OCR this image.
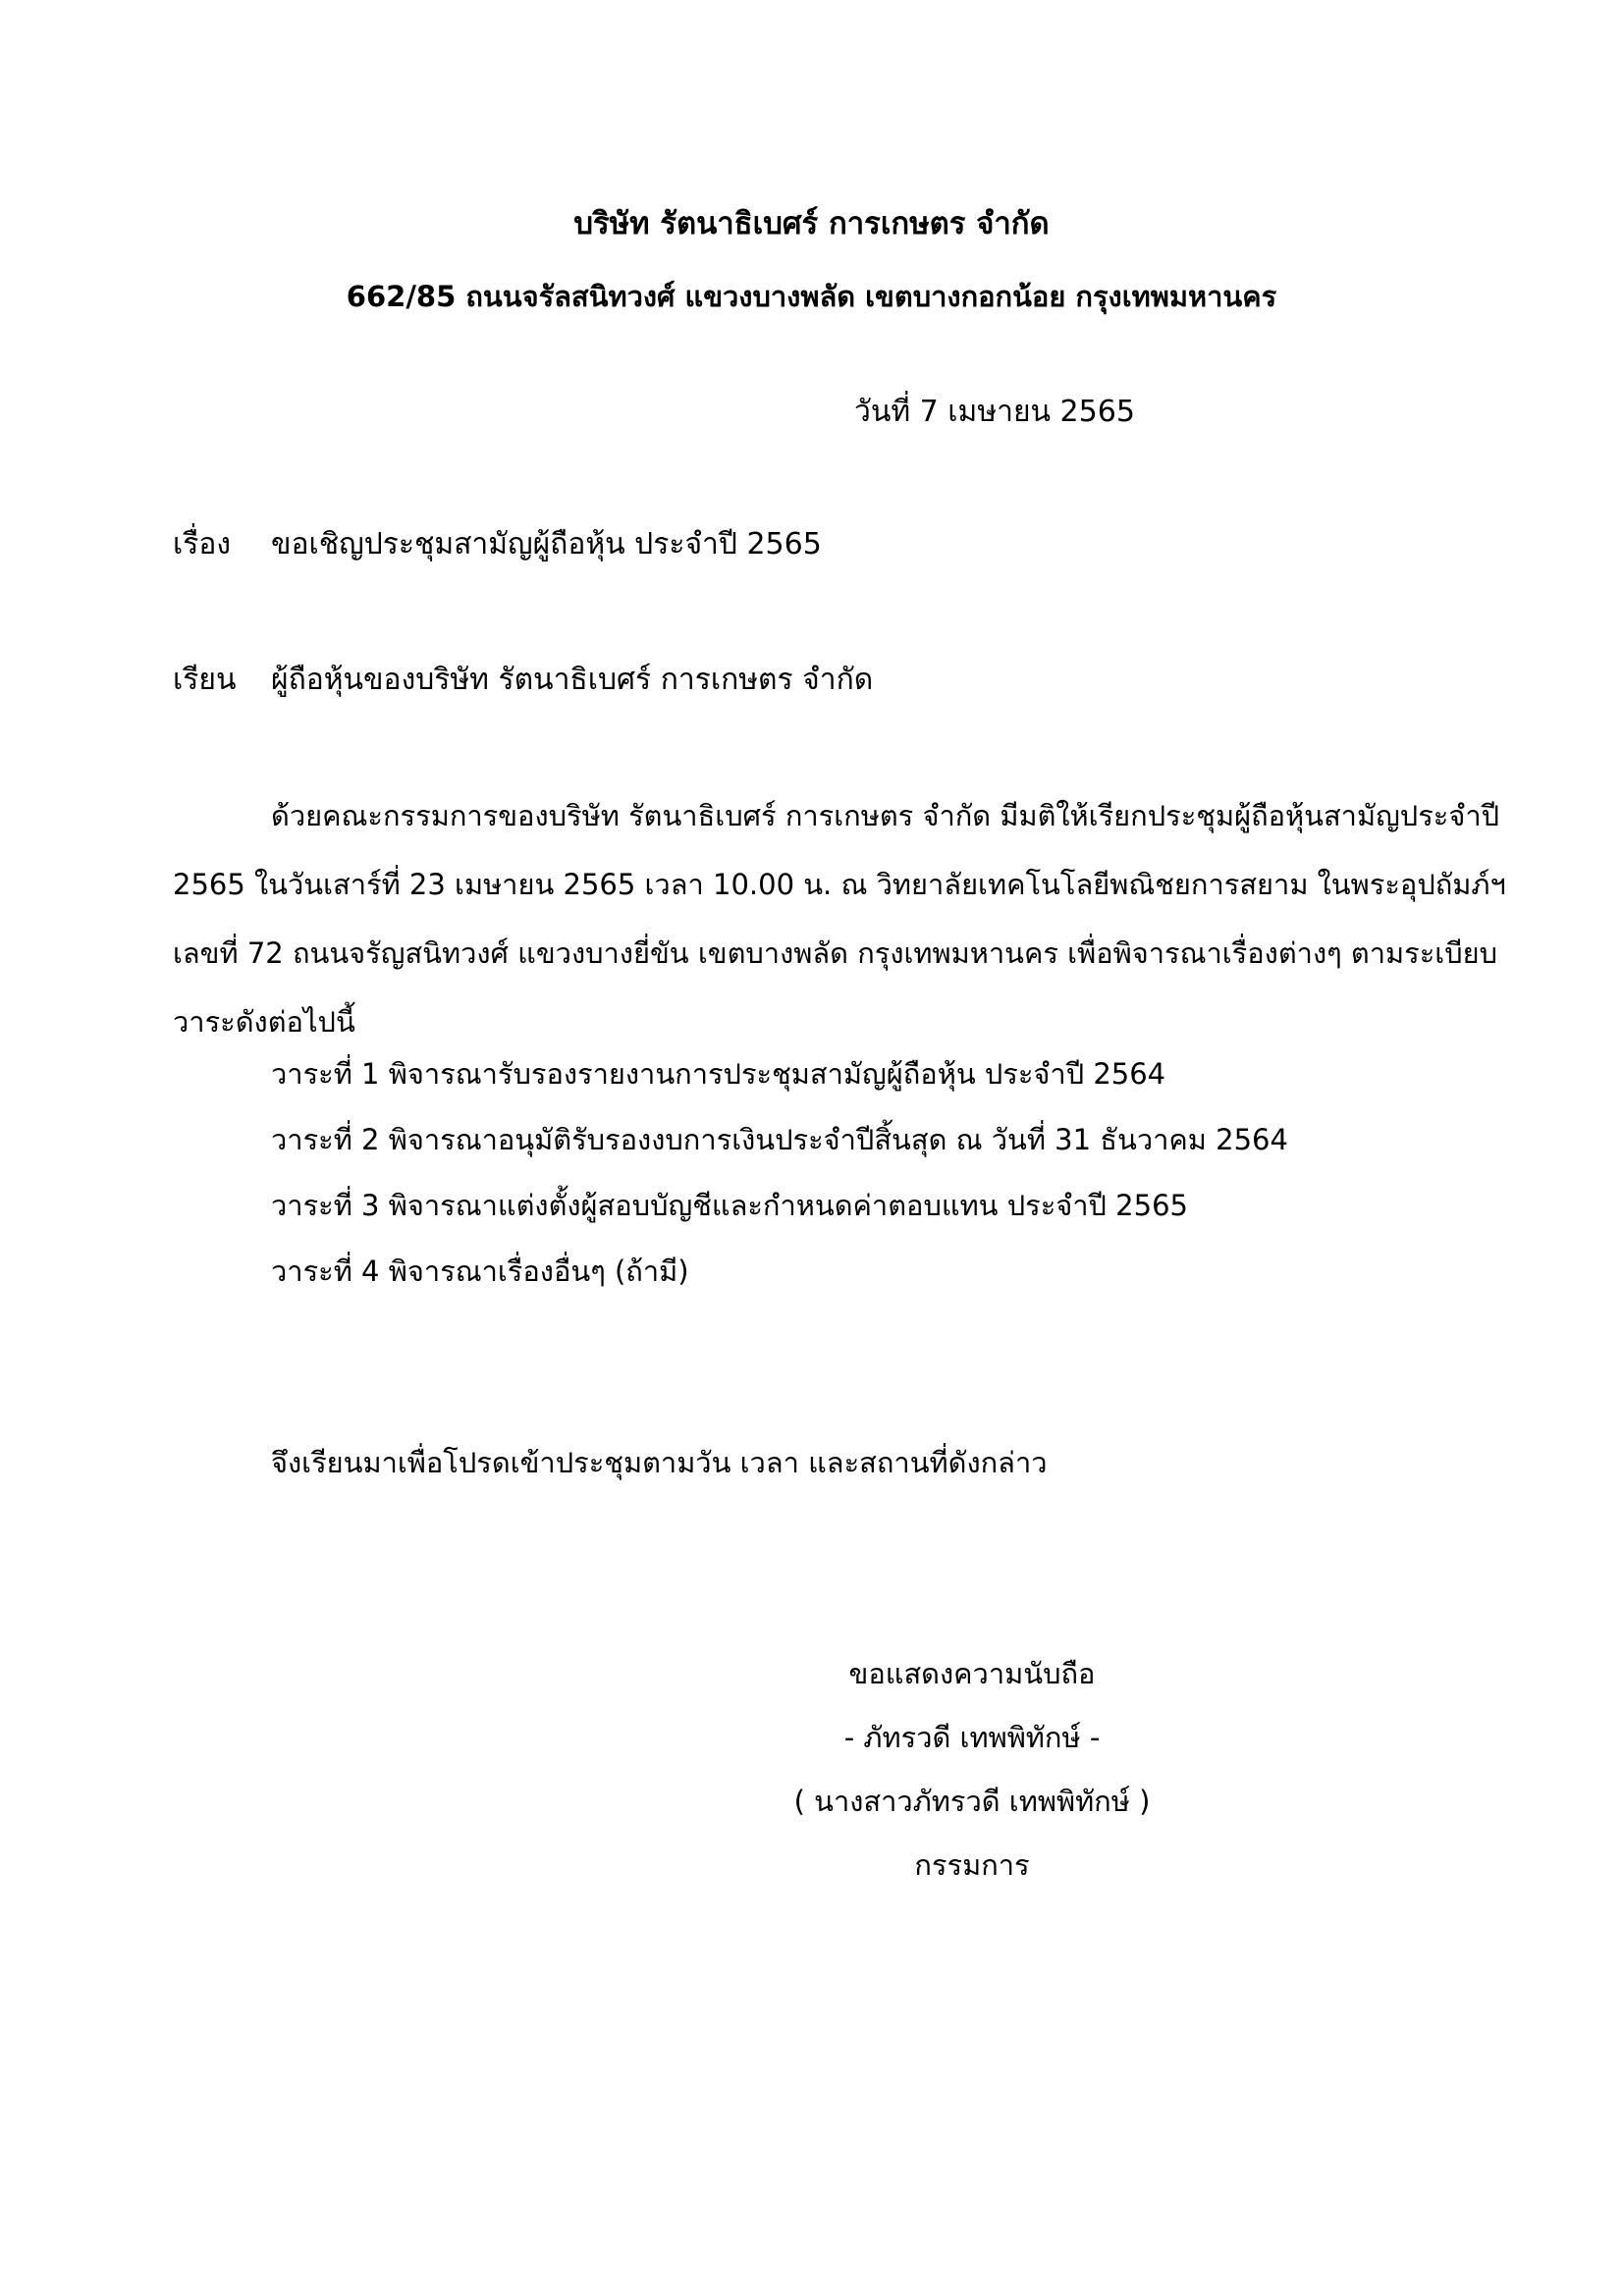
บริษัท รัตนาธิเบศร์ การเกษตร จำกัด
662/85 ถนนจรัลสนิทวงศ์ แขวงบางพลัด เขตบางกอกน้อย กรุงเทพมหานคร
วันที่ 7 เมษายน 2565
เรื่อง ขอเชิญประชุมสามัญผู้ถือหุ้น ประจำปี 2565
เรียน ผู้ถือหุ้นของบริษัท รัตนาธิเบศร์ การเกษตร จำกัด
ด้วยคณะกรรมการของบริษัท รัตนาธิเบศร์ การเกษตร จำกัด มีมติให้เรียกประชุมผู้ถือหุ้นสามัญประจำปี
2565 ในวันเสาร์ที่ 23 เมษายน 2565 เวลา 10.00 น. ณ วิทยาลัยเทคโนโลยีพณิชยการสยาม ในพระอุปถัมภ์ฯ
เลขที่ 72 ถนนจรัญสนิทวงศ์ แขวงบางยี่ขัน เขตบางพลัด กรุงเทพมหานคร เพื่อพิจารณาเรื่องต่างๆ ตามระเบียบ
วาระดังต่อไปนี้
วาระที่ 1 พิจารณารับรองรายงานการประชุมสามัญผู้ถือหุ้น ประจำปี 2564
วาระที่ 2 พิจารณาอนุมัติรับรองงบการเงินประจำปีสิ้นสุด ณ วันที่ 31 ธันวาคม 2564
วาระที่ 3 พิจารณาแต่งตั้งผู้สอบบัญชีและกำหนดค่าตอบแทน ประจำปี 2565
วาระที่ 4 พิจารณาเรื่องอื่นๆ (ถ้ามี)
จึงเรียนมาเพื่อโปรดเข้าประชุมตามวัน เวลา และสถานที่ดังกล่าว
ขอแสดงความนับถือ
- ภัทรวดี เทพพิทักษ์ -
( นางสาวภัทรวดี เทพพิทักษ์ )
กรรมการ
